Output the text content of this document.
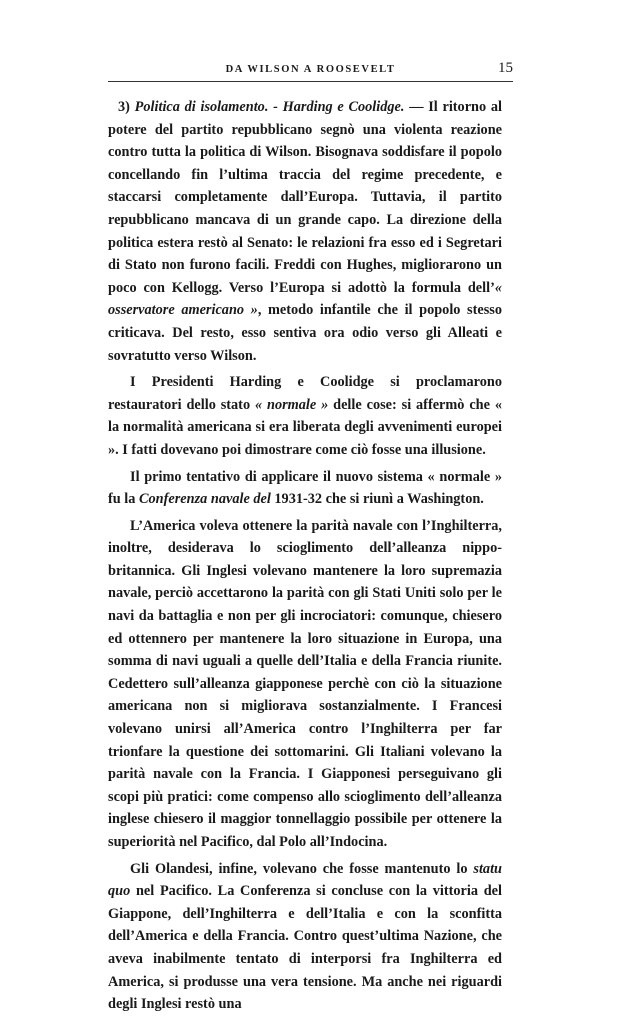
DA WILSON A ROOSEVELT	15

3) Politica di isolamento. - Harding e Coolidge. — Il ritorno al potere del partito repubblicano segnò una violenta reazione contro tutta la politica di Wilson. Bisognava soddisfare il popolo concellando fin l’ultima traccia del regime precedente, e staccarsi completamente dall’Europa. Tuttavia, il partito repubblicano mancava di un grande capo. La direzione della politica estera restò al Senato: le relazioni fra esso ed i Segretari di Stato non furono facili. Freddi con Hughes, migliorarono un poco con Kellogg. Verso l’Europa si adottò la formula dell’« osservatore americano », metodo infantile che il popolo stesso criticava. Del resto, esso sentiva ora odio verso gli Alleati e sovratutto verso Wilson.

I Presidenti Harding e Coolidge si proclamarono restauratori dello stato « normale » delle cose: si affermò che « la normalità americana si era liberata degli avvenimenti europei ». I fatti dovevano poi dimostrare come ciò fosse una illusione.

Il primo tentativo di applicare il nuovo sistema « normale » fu la Conferenza navale del 1931-32 che si riunì a Washington.

L’America voleva ottenere la parità navale con l’Inghilterra, inoltre, desiderava lo scioglimento dell’alleanza nippo-britannica. Gli Inglesi volevano mantenere la loro supremazia navale, perciò accettarono la parità con gli Stati Uniti solo per le navi da battaglia e non per gli incrociatori: comunque, chiesero ed ottennero per mantenere la loro situazione in Europa, una somma di navi uguali a quelle dell’Italia e della Francia riunite. Cedettero sull’alleanza giapponese perchè con ciò la situazione americana non si migliorava sostanzialmente. I Francesi volevano unirsi all’America contro l’Inghilterra per far trionfare la questione dei sottomarini. Gli Italiani volevano la parità navale con la Francia. I Giapponesi perseguivano gli scopi più pratici: come compenso allo scioglimento dell’alleanza inglese chiesero il maggior tonnellaggio possibile per ottenere la superiorità nel Pacifico, dal Polo all’Indocina.

Gli Olandesi, infine, volevano che fosse mantenuto lo statu quo nel Pacifico. La Conferenza si concluse con la vittoria del Giappone, dell’Inghilterra e dell’Italia e con la sconfitta dell’America e della Francia. Contro quest’ultima Nazione, che aveva inabilmente tentato di interporsi fra Inghilterra ed America, si produsse una vera tensione. Ma anche nei riguardi degli Inglesi restò una
